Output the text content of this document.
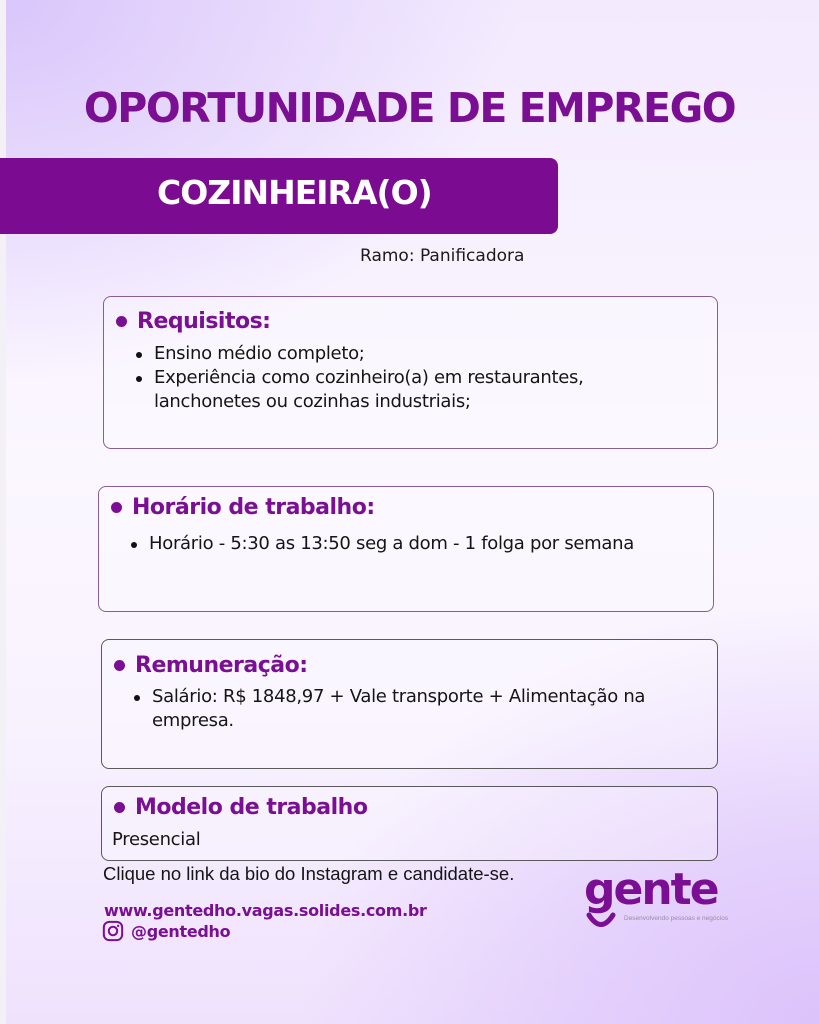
OPORTUNIDADE DE EMPREGO
COZINHEIRA(O)
Ramo: Panificadora
Requisitos:
Ensino médio completo;
Experiência como cozinheiro(a) em restaurantes, lanchonetes ou cozinhas industriais;
Horário de trabalho:
Horário - 5:30 as 13:50 seg a dom - 1 folga por semana
Remuneração:
Salário: R$ 1848,97 + Vale transporte + Alimentação na empresa.
Modelo de trabalho
Presencial
Clique no link da bio do Instagram e candidate-se.
www.gentedho.vagas.solides.com.br
@gentedho
gente
Desenvolvendo pessoas e negócios
